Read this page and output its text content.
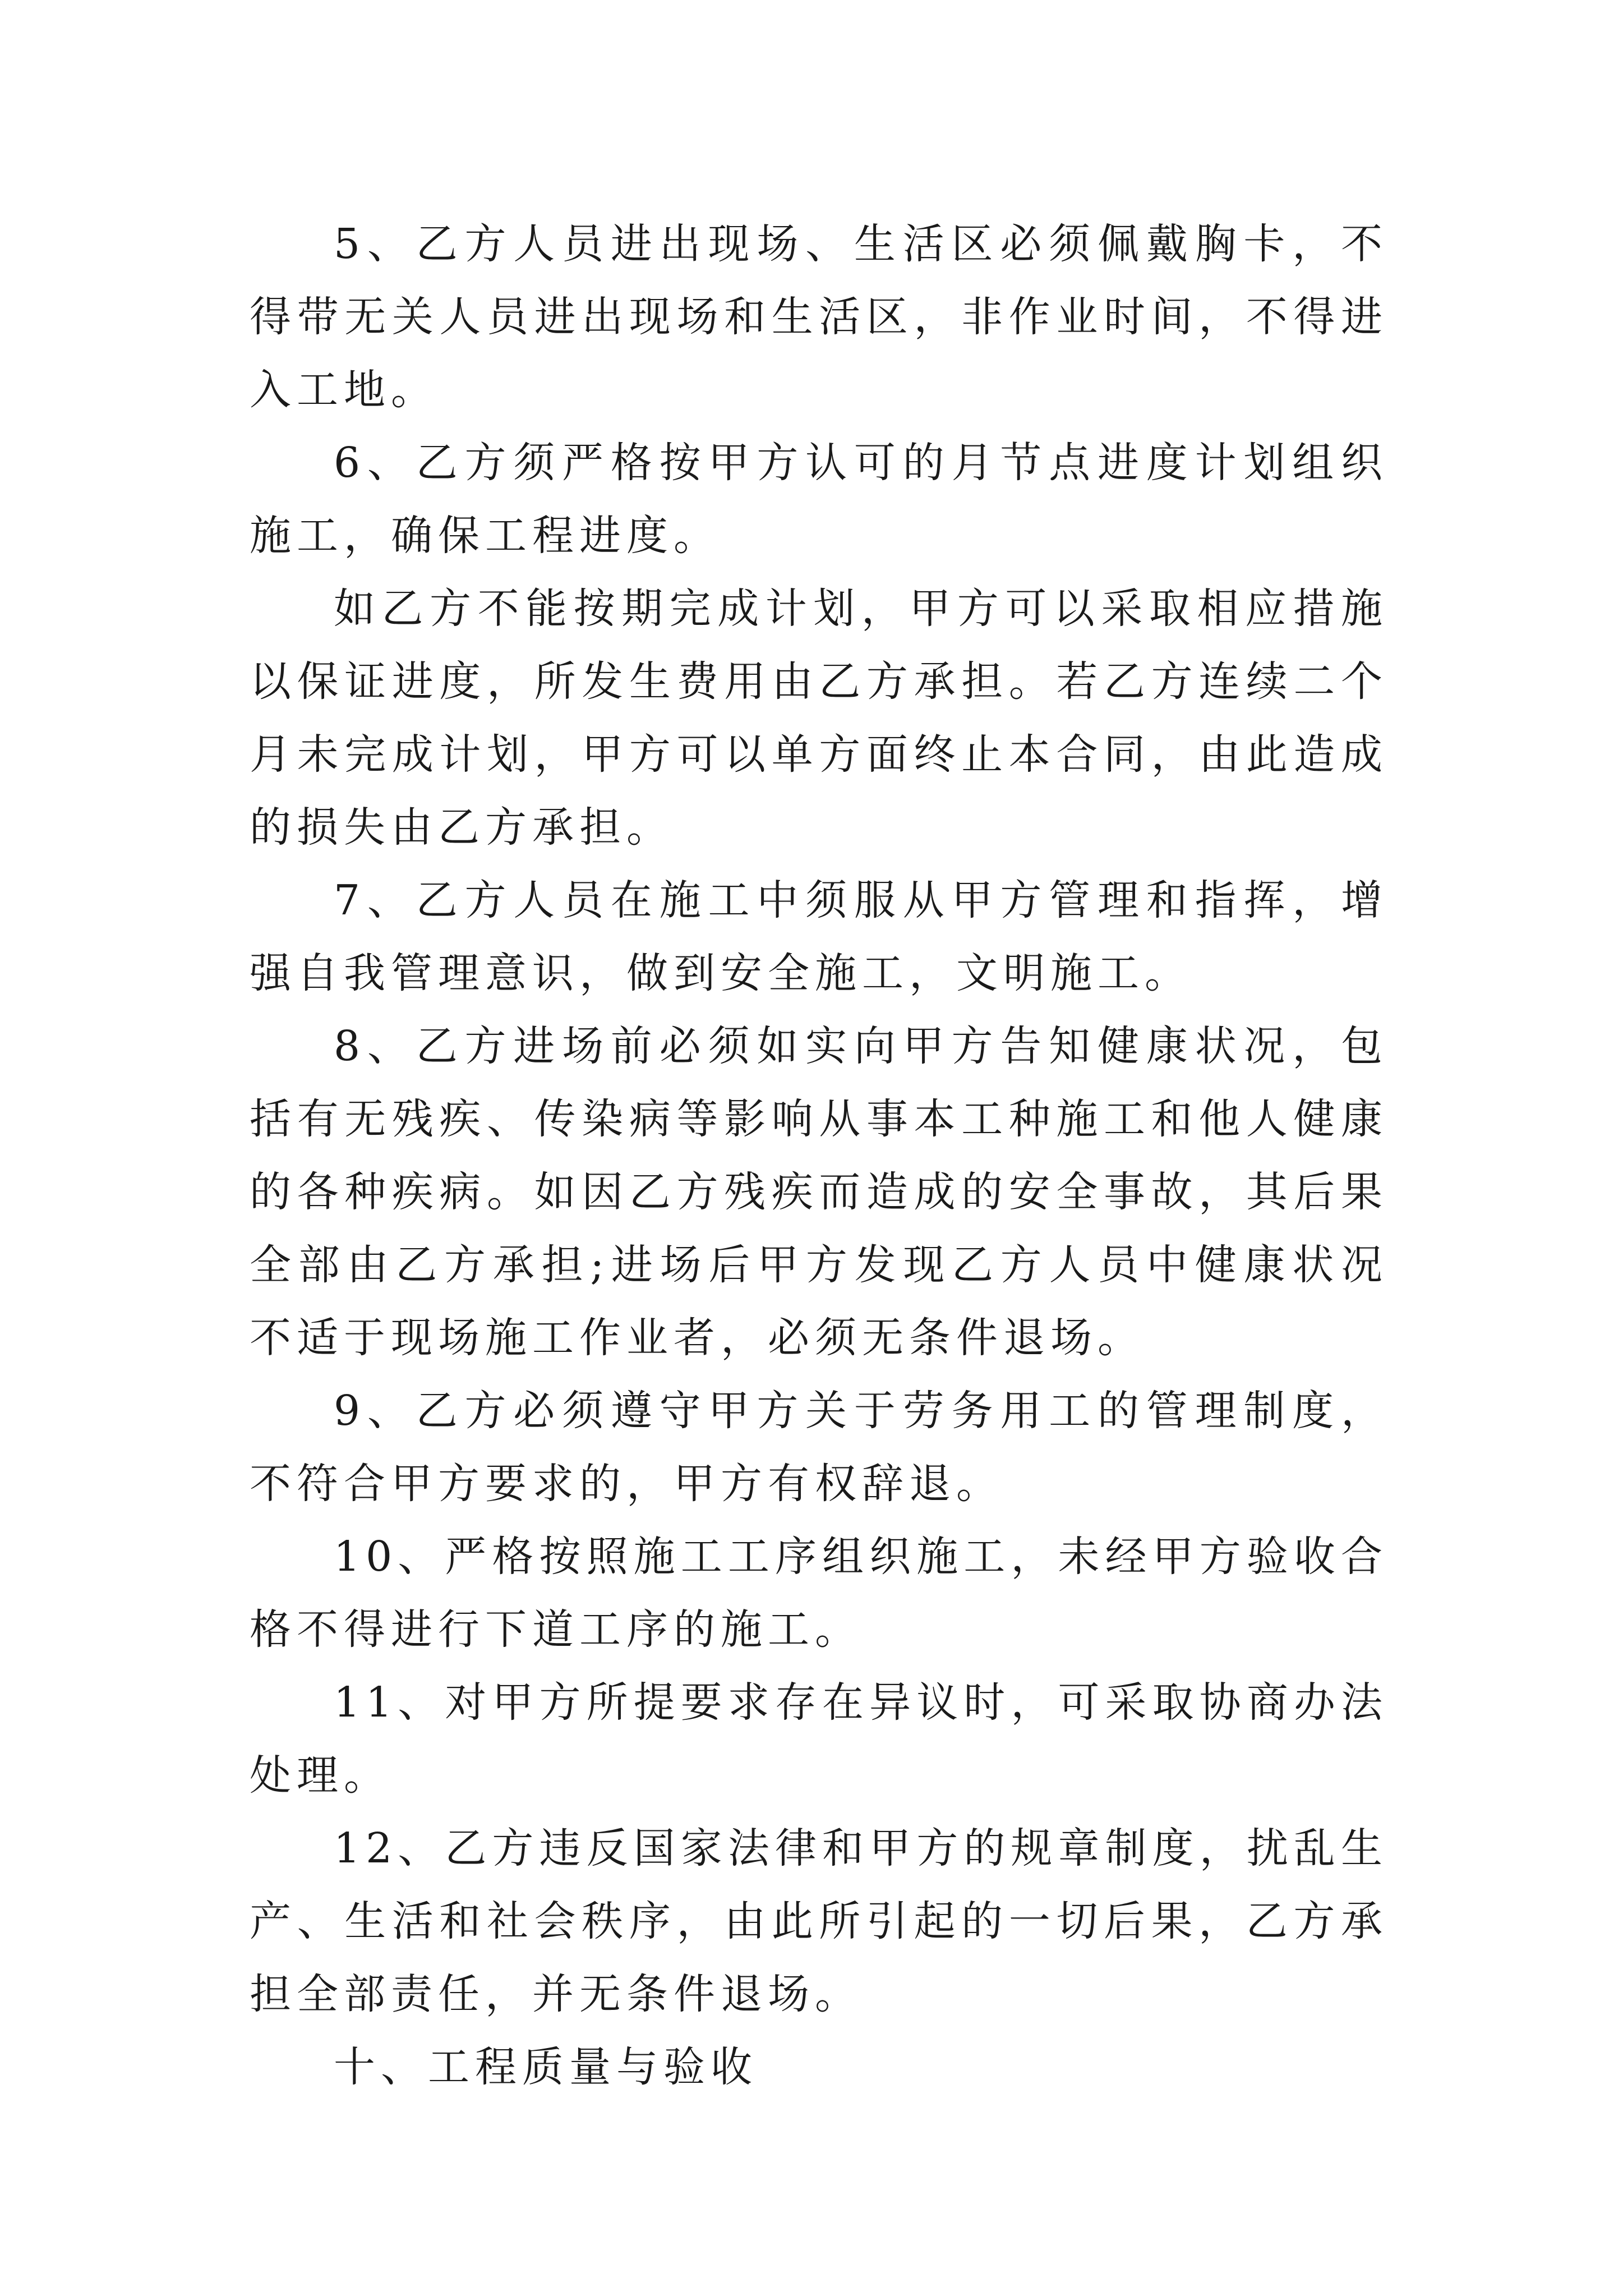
5、乙方人员进出现场、生活区必须佩戴胸卡，不得带无关人员进出现场和生活区，非作业时间，不得进入工地。

6、乙方须严格按甲方认可的月节点进度计划组织施工，确保工程进度。

如乙方不能按期完成计划，甲方可以采取相应措施以保证进度，所发生费用由乙方承担。若乙方连续二个月未完成计划，甲方可以单方面终止本合同，由此造成的损失由乙方承担。

7、乙方人员在施工中须服从甲方管理和指挥，增强自我管理意识，做到安全施工，文明施工。

8、乙方进场前必须如实向甲方告知健康状况，包括有无残疾、传染病等影响从事本工种施工和他人健康的各种疾病。如因乙方残疾而造成的安全事故，其后果全部由乙方承担;进场后甲方发现乙方人员中健康状况不适于现场施工作业者，必须无条件退场。

9、乙方必须遵守甲方关于劳务用工的管理制度，不符合甲方要求的，甲方有权辞退。

10、严格按照施工工序组织施工，未经甲方验收合格不得进行下道工序的施工。

11、对甲方所提要求存在异议时，可采取协商办法处理。

12、乙方违反国家法律和甲方的规章制度，扰乱生产、生活和社会秩序，由此所引起的一切后果，乙方承担全部责任，并无条件退场。

十、工程质量与验收
